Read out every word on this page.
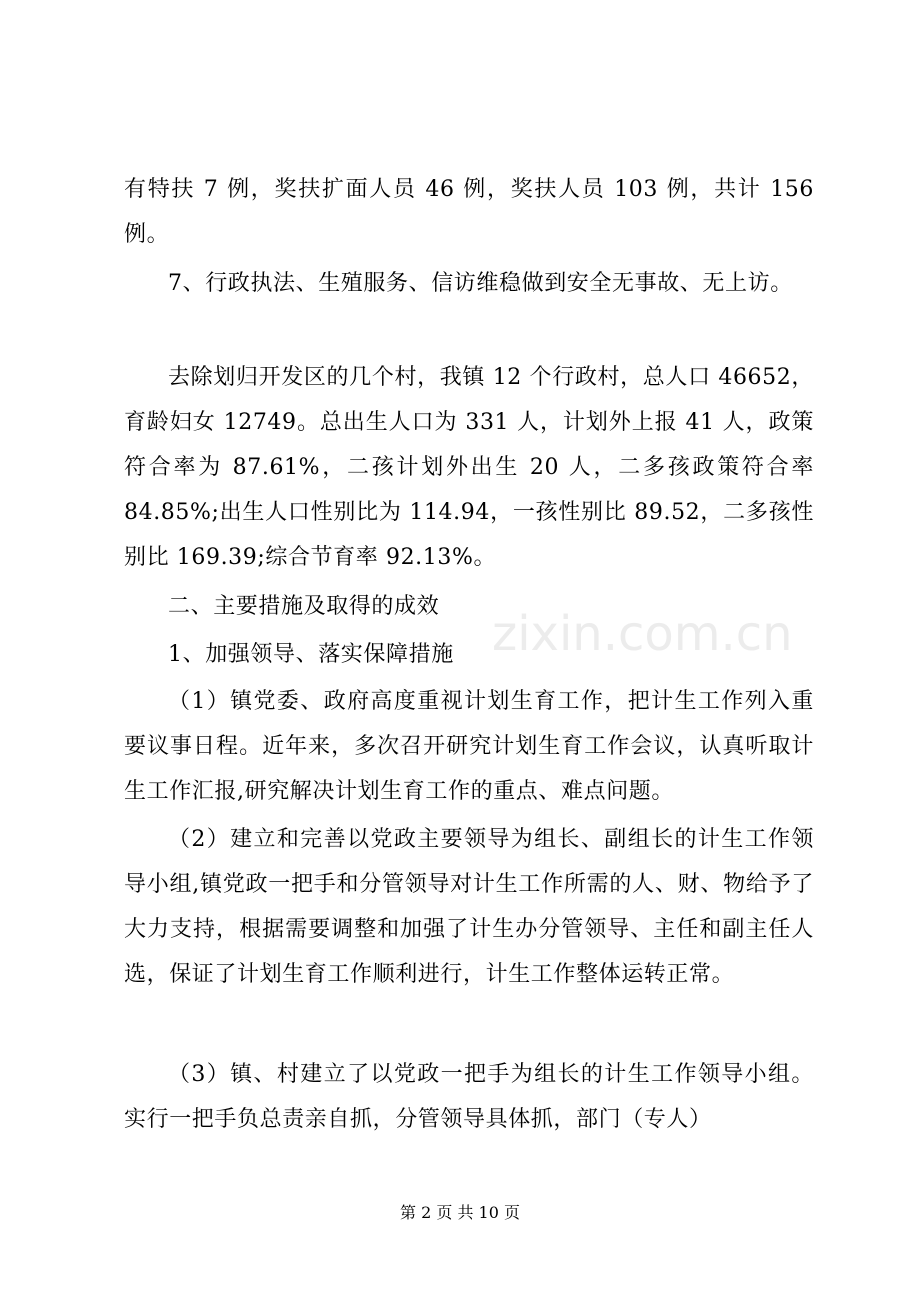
zixin.com.cn

有特扶 7 例，奖扶扩面人员 46 例，奖扶人员 103 例，共计 156 例。

7、行政执法、生殖服务、信访维稳做到安全无事故、无上访。

去除划归开发区的几个村，我镇 12 个行政村，总人口 46652，育龄妇女 12749。总出生人口为 331 人，计划外上报 41 人，政策符合率为 87.61%，二孩计划外出生 20 人，二多孩政策符合率 84.85%;出生人口性别比为 114.94，一孩性别比 89.52，二多孩性别比 169.39;综合节育率 92.13%。

二、主要措施及取得的成效

1、加强领导、落实保障措施

（1）镇党委、政府高度重视计划生育工作，把计生工作列入重要议事日程。近年来，多次召开研究计划生育工作会议，认真听取计生工作汇报,研究解决计划生育工作的重点、难点问题。

（2）建立和完善以党政主要领导为组长、副组长的计生工作领导小组,镇党政一把手和分管领导对计生工作所需的人、财、物给予了大力支持，根据需要调整和加强了计生办分管领导、主任和副主任人选，保证了计划生育工作顺利进行，计生工作整体运转正常。

（3）镇、村建立了以党政一把手为组长的计生工作领导小组。实行一把手负总责亲自抓，分管领导具体抓，部门（专人）

第 2 页 共 10 页
